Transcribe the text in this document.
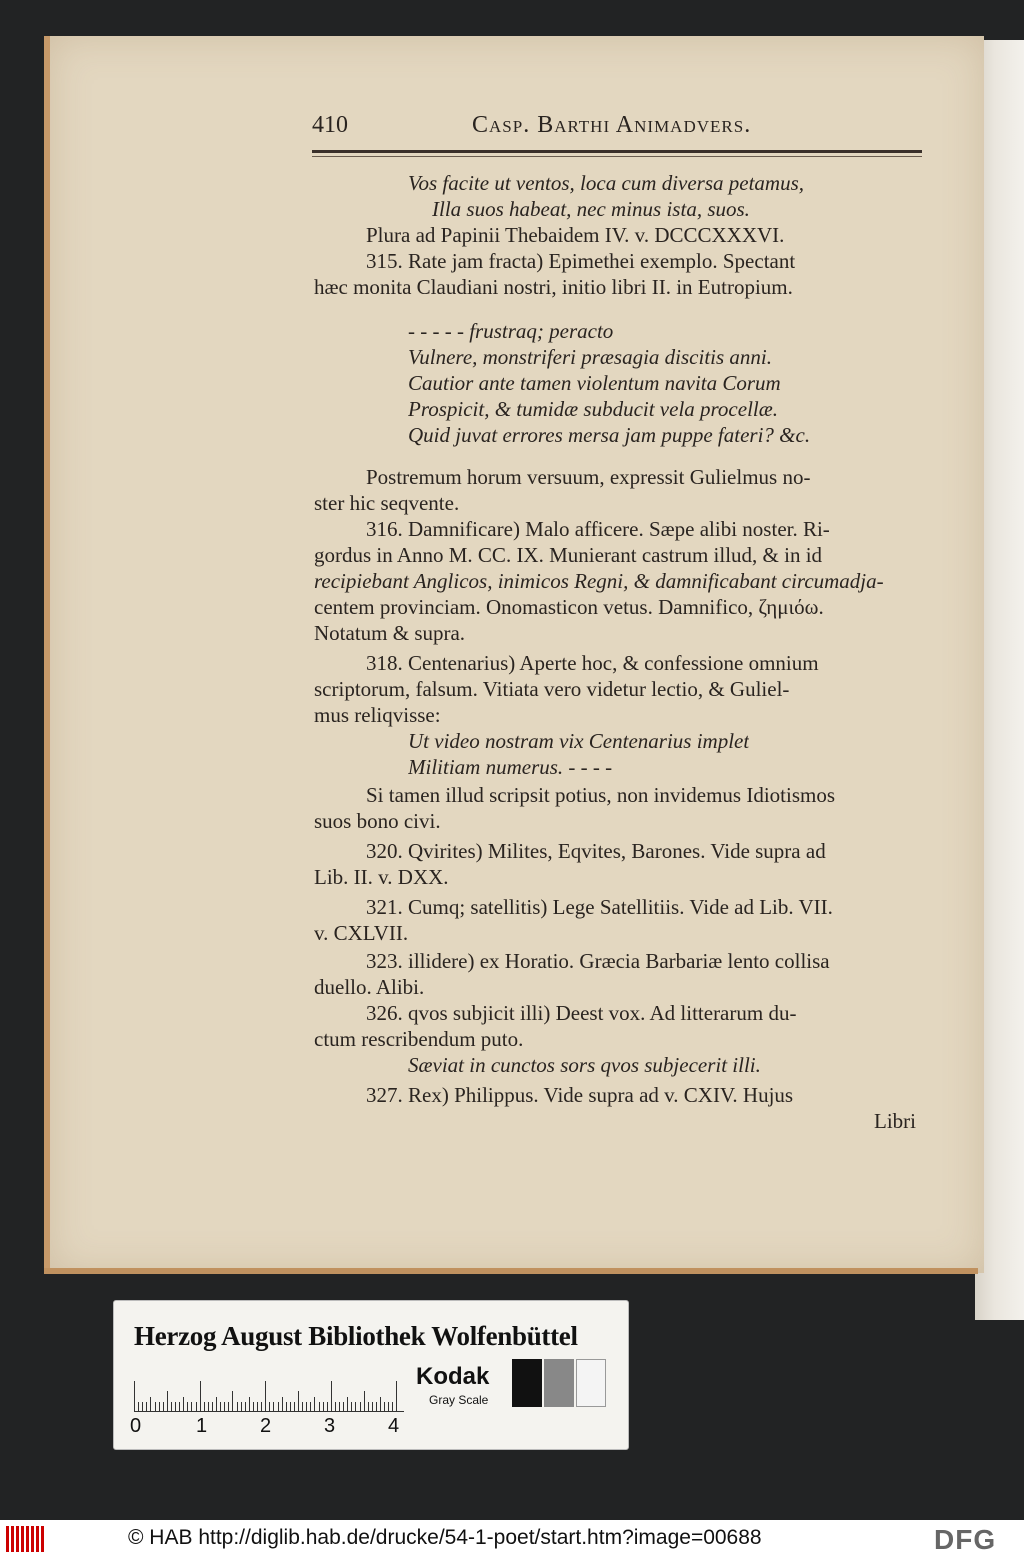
410	Casp. Barthi Animadvers.
Vos facite ut ventos, loca cum diversa petamus,
Illa suos habeat, nec minus ista, suos.
Plura ad Papinii Thebaidem IV. v. DCCCXXXVI.
315. Rate jam fracta) Epimethei exemplo. Spectant
hæc monita Claudiani nostri, initio libri II. in Eutropium.
- - - - - frustraq; peracto
Vulnere, monstriferi præsagia discitis anni.
Cautior ante tamen violentum navita Corum
Prospicit, & tumidæ subducit vela procellæ.
Quid juvat errores mersa jam puppe fateri? &c.
Postremum horum versuum, expressit Gulielmus no-
ster hic seqvente.
316. Damnificare) Malo afficere. Sæpe alibi noster. Ri-
gordus in Anno M. CC. IX. Munierant castrum illud, & in id
recipiebant Anglicos, inimicos Regni, & damnificabant circumadja-
centem provinciam. Onomasticon vetus. Damnifico, ζημιόω.
Notatum & supra.
318. Centenarius) Aperte hoc, & confessione omnium
scriptorum, falsum. Vitiata vero videtur lectio, & Guliel-
mus reliqvisse:
Ut video nostram vix Centenarius implet
Militiam numerus. - - - -
Si tamen illud scripsit potius, non invidemus Idiotismos
suos bono civi.
320. Qvirites) Milites, Eqvites, Barones. Vide supra ad
Lib. II. v. DXX.
321. Cumq; satellitis) Lege Satellitiis. Vide ad Lib. VII.
v. CXLVII.
323. illidere) ex Horatio. Græcia Barbariæ lento collisa
duello. Alibi.
326. qvos subjicit illi) Deest vox. Ad litterarum du-
ctum rescribendum puto.
Sæviat in cunctos sors qvos subjecerit illi.
327. Rex) Philippus. Vide supra ad v. CXIV. Hujus
Libri
Herzog August Bibliothek Wolfenbüttel
0	1	2	3	4
Kodak
Gray Scale
© HAB http://diglib.hab.de/drucke/54-1-poet/start.htm?image=00688	DFG
